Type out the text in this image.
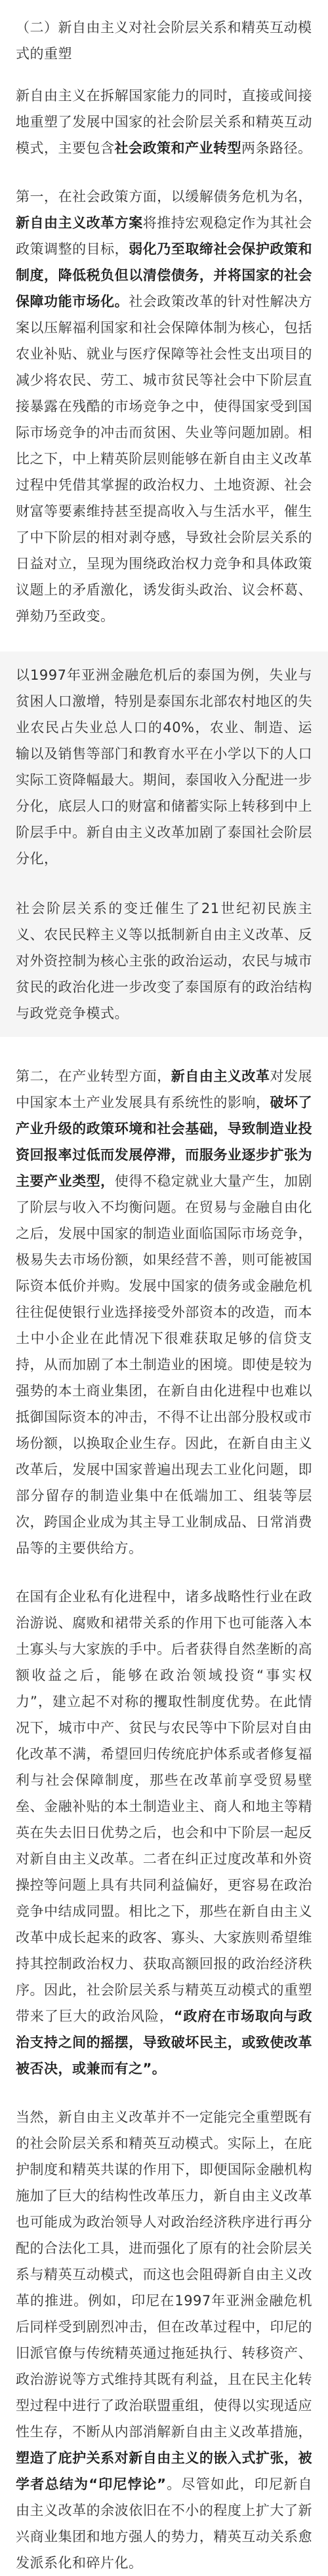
（二）新自由主义对社会阶层关系和精英互动模式的重塑
新自由主义在拆解国家能力的同时，直接或间接地重塑了发展中国家的社会阶层关系和精英互动模式，主要包含社会政策和产业转型两条路径。
第一，在社会政策方面，以缓解债务危机为名，新自由主义改革方案将推持宏观稳定作为其社会政策调整的目标，弱化乃至取缔社会保护政策和制度，降低税负但以清偿债务，并将国家的社会保障功能市场化。社会政策改革的针对性解决方案以压解福利国家和社会保障体制为核心，包括农业补贴、就业与医疗保障等社会性支出项目的减少将农民、劳工、城市贫民等社会中下阶层直接暴露在残酷的市场竞争之中，使得国家受到国际市场竞争的冲击而贫困、失业等问题加剧。相比之下，中上精英阶层则能够在新自由主义改革过程中凭借其掌握的政治权力、土地资源、社会财富等要素维持甚至提高收入与生活水平，催生了中下阶层的相对剥夺感，导致社会阶层关系的日益对立，呈现为围绕政治权力竞争和具体政策议题上的矛盾激化，诱发街头政治、议会杯葛、弹劾乃至政变。
以1997年亚洲金融危机后的泰国为例，失业与贫困人口激增，特别是泰国东北部农村地区的失业农民占失业总人口的40%，农业、制造、运输以及销售等部门和教育水平在小学以下的人口实际工资降幅最大。期间，泰国收入分配进一步分化，底层人口的财富和储蓄实际上转移到中上阶层手中。新自由主义改革加剧了泰国社会阶层分化，
社会阶层关系的变迁催生了21世纪初民族主义、农民民粹主义等以抵制新自由主义改革、反对外资控制为核心主张的政治运动，农民与城市贫民的政治化进一步改变了泰国原有的政治结构与政党竞争模式。
第二，在产业转型方面，新自由主义改革对发展中国家本土产业发展具有系统性的影响，破坏了产业升级的政策环境和社会基础，导致制造业投资回报率过低而发展停滞，而服务业逐步扩张为主要产业类型，使得不稳定就业大量产生，加剧了阶层与收入不均衡问题。在贸易与金融自由化之后，发展中国家的制造业面临国际市场竞争，极易失去市场份额，如果经营不善，则可能被国际资本低价并购。发展中国家的债务或金融危机往往促使银行业选择接受外部资本的改造，而本土中小企业在此情况下很难获取足够的信贷支持，从而加剧了本土制造业的困境。即使是较为强势的本土商业集团，在新自由化进程中也难以抵御国际资本的冲击，不得不让出部分股权或市场份额，以换取企业生存。因此，在新自由主义改革后，发展中国家普遍出现去工业化问题，即部分留存的制造业集中在低端加工、组装等层次，跨国企业成为其主导工业制成品、日常消费品等的主要供给方。
在国有企业私有化进程中，诸多战略性行业在政治游说、腐败和裙带关系的作用下也可能落入本土寡头与大家族的手中。后者获得自然垄断的高额收益之后，能够在政治领域投资“事实权力”，建立起不对称的攫取性制度优势。在此情况下，城市中产、贫民与农民等中下阶层对自由化改革不满，希望回归传统庇护体系或者修复福利与社会保障制度，那些在改革前享受贸易壁垒、金融补贴的本土制造业主、商人和地主等精英在失去旧日优势之后，也会和中下阶层一起反对新自由主义改革。二者在纠正过度改革和外资操控等问题上具有共同利益偏好，更容易在政治竞争中结成同盟。相比之下，那些在新自由主义改革中成长起来的政客、寡头、大家族则希望维持其控制政治权力、获取高额回报的政治经济秩序。因此，社会阶层关系与精英互动模式的重塑带来了巨大的政治风险，“政府在市场取向与政治支持之间的摇摆，导致破坏民主，或致使改革被否决，或兼而有之”。
当然，新自由主义改革并不一定能完全重塑既有的社会阶层关系和精英互动模式。实际上，在庇护制度和精英共谋的作用下，即便国际金融机构施加了巨大的结构性改革压力，新自由主义改革也可能成为政治领导人对政治经济秩序进行再分配的合法化工具，进而强化了原有的社会阶层关系与精英互动模式，而这也会阻碍新自由主义改革的推进。例如，印尼在1997年亚洲金融危机后同样受到剧烈冲击，但在改革过程中，印尼的旧派官僚与传统精英通过拖延执行、转移资产、政治游说等方式维持其既有利益，且在民主化转型过程中进行了政治联盟重组，使得以实现适应性生存，不断从内部消解新自由主义改革措施，塑造了庇护关系对新自由主义的嵌入式扩张，被学者总结为“印尼悖论”。尽管如此，印尼新自由主义改革的余波依旧在不小的程度上扩大了新兴商业集团和地方强人的势力，精英互动关系愈发派系化和碎片化。
